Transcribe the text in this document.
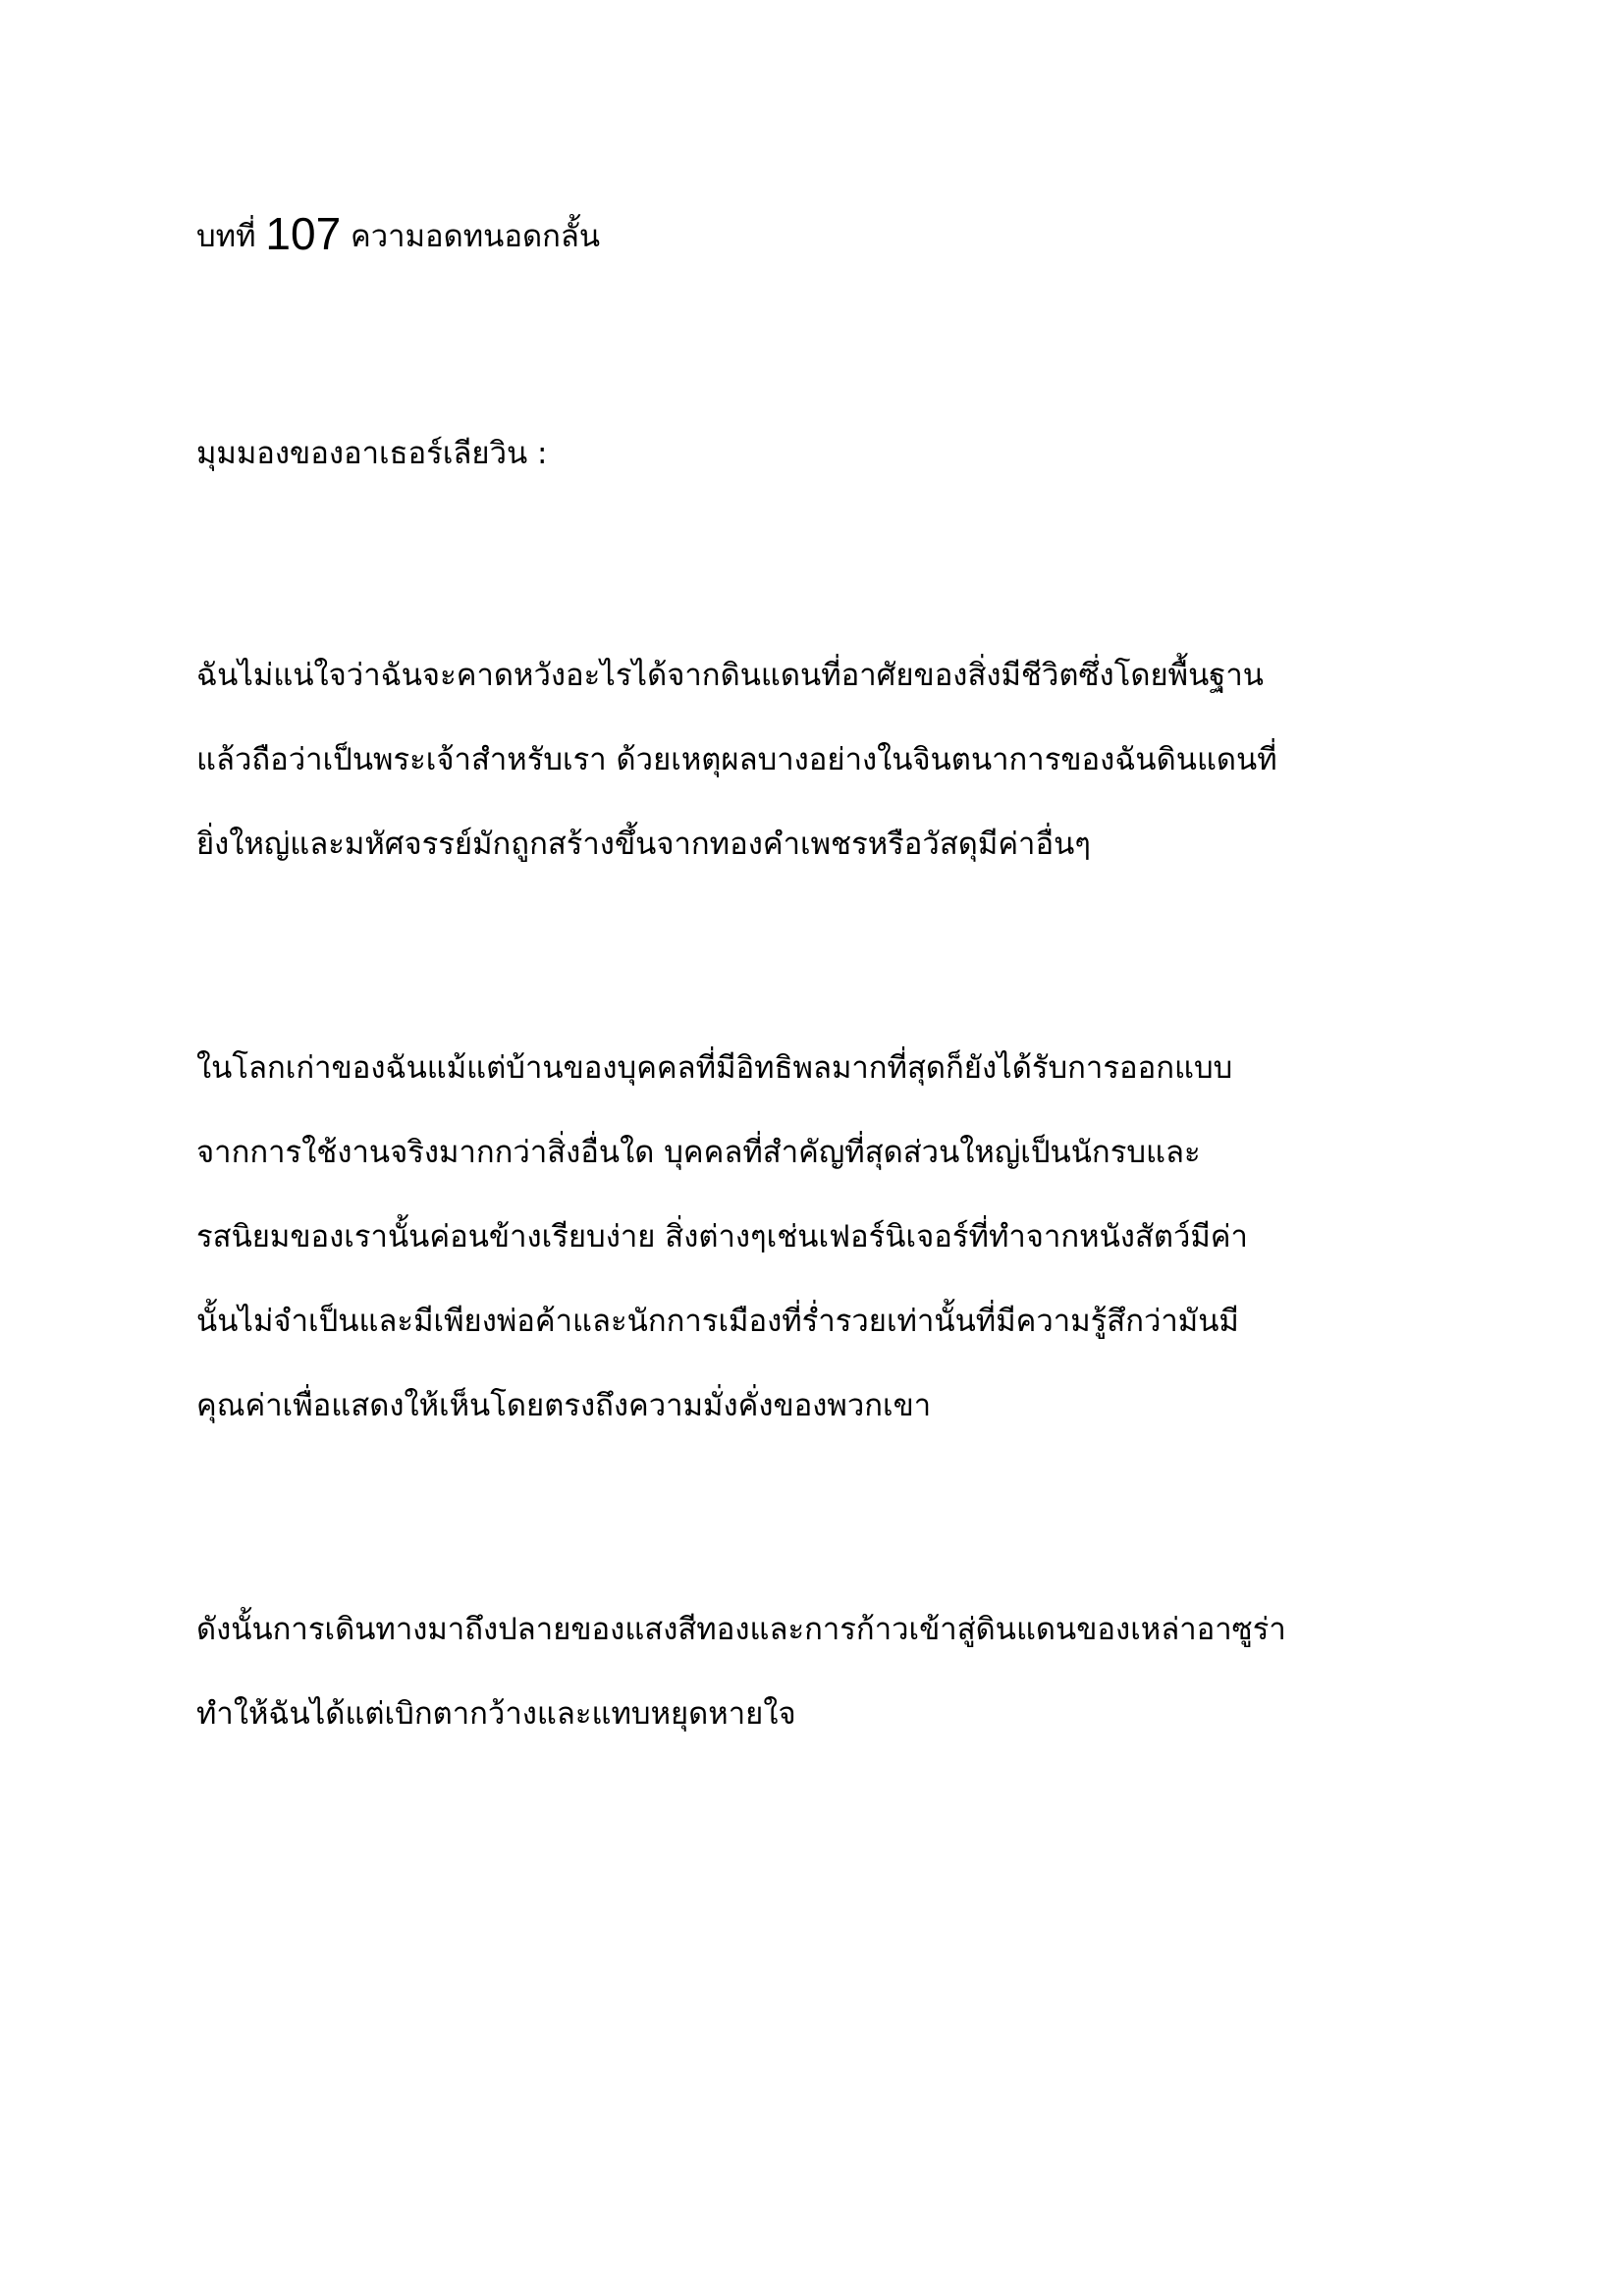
บทที่ 107 ความอดทนอดกลั้น

มุมมองของอาเธอร์เลียวิน :

ฉันไม่แน่ใจว่าฉันจะคาดหวังอะไรได้จากดินแดนที่อาศัยของสิ่งมีชีวิตซึ่งโดยพื้นฐาน

แล้วถือว่าเป็นพระเจ้าสำหรับเรา ด้วยเหตุผลบางอย่างในจินตนาการของฉันดินแดนที่

ยิ่งใหญ่และมหัศจรรย์มักถูกสร้างขึ้นจากทองคำเพชรหรือวัสดุมีค่าอื่นๆ

ในโลกเก่าของฉันแม้แต่บ้านของบุคคลที่มีอิทธิพลมากที่สุดก็ยังได้รับการออกแบบ

จากการใช้งานจริงมากกว่าสิ่งอื่นใด บุคคลที่สำคัญที่สุดส่วนใหญ่เป็นนักรบและ

รสนิยมของเรานั้นค่อนข้างเรียบง่าย สิ่งต่างๆเช่นเฟอร์นิเจอร์ที่ทำจากหนังสัตว์มีค่า

นั้นไม่จำเป็นและมีเพียงพ่อค้าและนักการเมืองที่ร่ำรวยเท่านั้นที่มีความรู้สึกว่ามันมี

คุณค่าเพื่อแสดงให้เห็นโดยตรงถึงความมั่งคั่งของพวกเขา

ดังนั้นการเดินทางมาถึงปลายของแสงสีทองและการก้าวเข้าสู่ดินแดนของเหล่าอาซูร่า

ทำให้ฉันได้แต่เบิกตากว้างและแทบหยุดหายใจ
